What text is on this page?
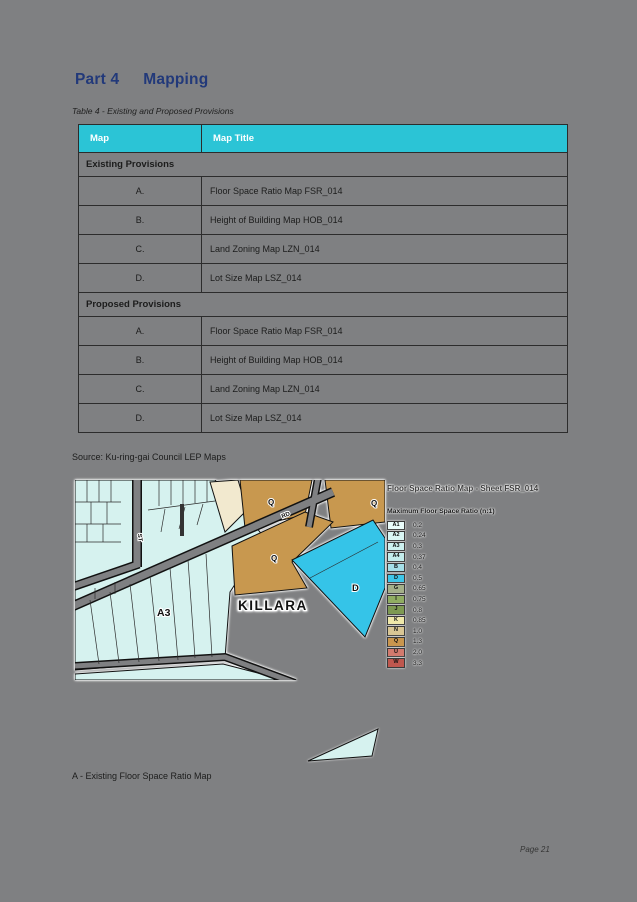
Part 4 Mapping
Table 4 - Existing and Proposed Provisions
Map	Map Title
Existing Provisions	
A.	Floor Space Ratio Map FSR_014
B.	Height of Building Map HOB_014
C.	Land Zoning Map LZN_014
D.	Lot Size Map LSZ_014
Proposed Provisions	
A.	Floor Space Ratio Map FSR_014
B.	Height of Building Map HOB_014
C.	Land Zoning Map LZN_014
D.	Lot Size Map LSZ_014
Source: Ku-ring-gai Council LEP Maps
KILLARA
A3
Q
Q
Q
D
RD
ST
Floor Space Ratio Map - Sheet FSR_014
Maximum Floor Space Ratio (n:1)
A1	0.2
A2	0.24
A3	0.3
A4	0.37
B	0.4
D	0.5
G	0.65
I	0.75
J	0.8
K	0.85
N	1.0
Q	1.3
U	2.0
W	3.3
A - Existing Floor Space Ratio Map
Page 21
